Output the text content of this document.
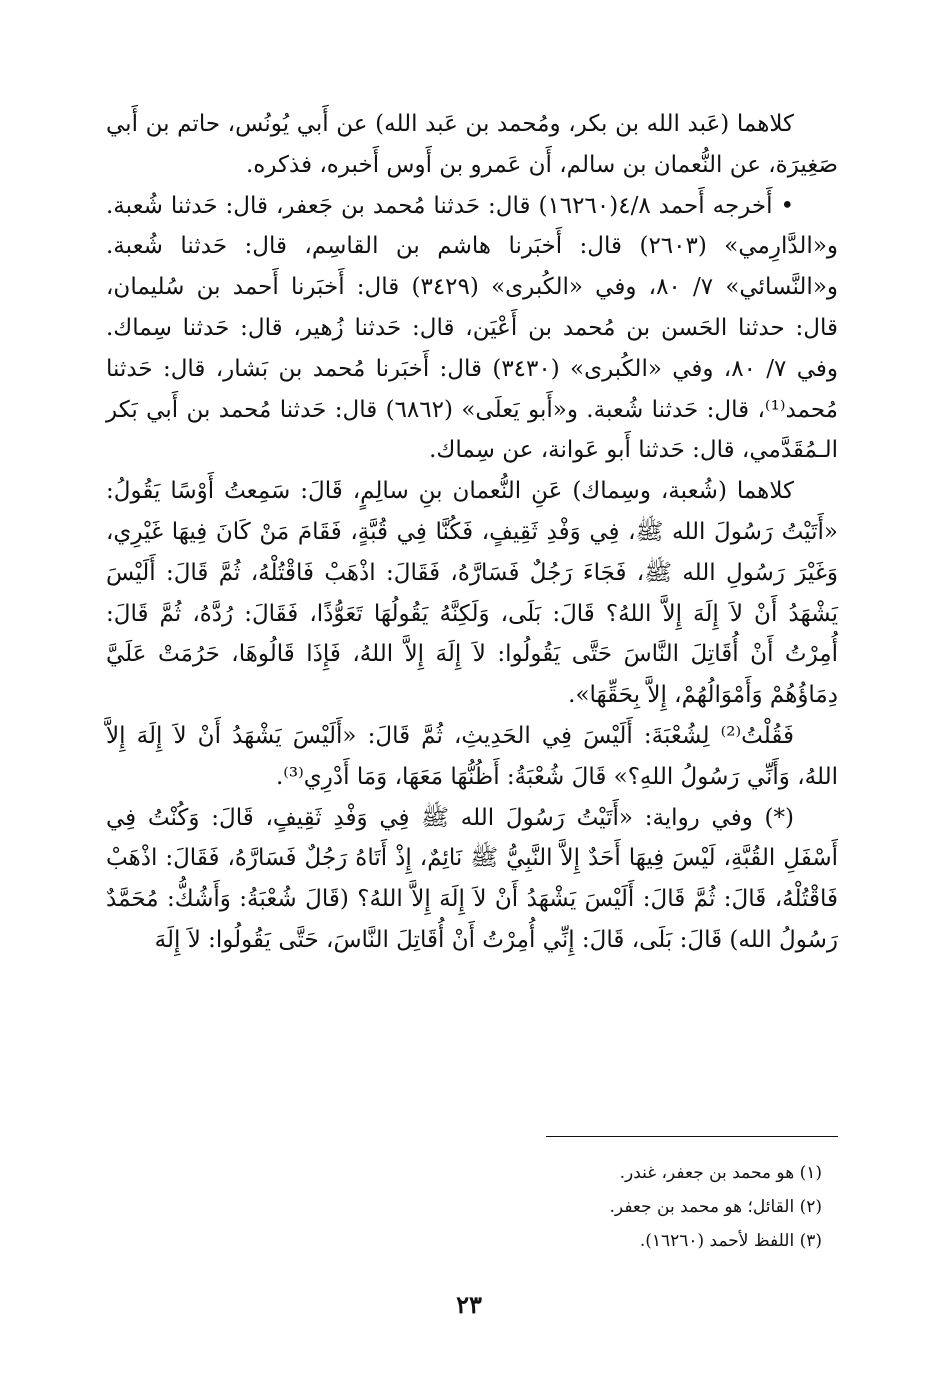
كلاهما (عَبد الله بن بكر، ومُحمد بن عَبد الله) عن أَبي يُونُس، حاتم بن أَبي صَغِيرَة، عن النُّعمان بن سالم، أَن عَمرو بن أَوس أَخبره، فذكره.

• أَخرجه أَحمد ٤/٨(١٦٢٦٠) قال: حَدثنا مُحمد بن جَعفر، قال: حَدثنا شُعبة. و«الدَّارِمي» (٢٦٠٣) قال: أَخبَرنا هاشم بن القاسِم، قال: حَدثنا شُعبة. و«النَّسائي» ٧/ ٨٠، وفي «الكُبرى» (٣٤٢٩) قال: أَخبَرنا أَحمد بن سُليمان، قال: حدثنا الحَسن بن مُحمد بن أَعْيَن، قال: حَدثنا زُهير، قال: حَدثنا سِماك. وفي ٧/ ٨٠، وفي «الكُبرى» (٣٤٣٠) قال: أَخبَرنا مُحمد بن بَشار، قال: حَدثنا مُحمد⁽¹⁾، قال: حَدثنا شُعبة. و«أَبو يَعلَى» (٦٨٦٢) قال: حَدثنا مُحمد بن أَبي بَكر الـمُقَدَّمي، قال: حَدثنا أَبو عَوانة، عن سِماك.

كلاهما (شُعبة، وسِماك) عَنِ النُّعمان بنِ سالِمٍ، قَالَ: سَمِعتُ أَوْسًا يَقُولُ: «أَتَيْتُ رَسُولَ الله ﷺ، فِي وَفْدِ ثَقِيفٍ، فَكُنَّا فِي قُبَّةٍ، فَقَامَ مَنْ كَانَ فِيهَا غَيْرِي، وَغَيْرَ رَسُولِ الله ﷺ، فَجَاءَ رَجُلٌ فَسَارَّهُ، فَقَالَ: اذْهَبْ فَاقْتُلْهُ، ثُمَّ قَالَ: أَلَيْسَ يَشْهَدُ أَنْ لاَ إِلَهَ إِلاَّ اللهُ؟ قَالَ: بَلَى، وَلَكِنَّهُ يَقُولُهَا تَعَوُّذًا، فَقَالَ: رُدَّهُ، ثُمَّ قَالَ: أُمِرْتُ أَنْ أُقَاتِلَ النَّاسَ حَتَّى يَقُولُوا: لاَ إِلَهَ إِلاَّ اللهُ، فَإِذَا قَالُوهَا، حَرُمَتْ عَلَيَّ دِمَاؤُهُمْ وَأَمْوَالُهُمْ، إِلاَّ بِحَقِّهَا».

فَقُلْتُ⁽²⁾ لِشُعْبَةَ: أَلَيْسَ فِي الحَدِيثِ، ثُمَّ قَالَ: «أَلَيْسَ يَشْهَدُ أَنْ لاَ إِلَهَ إِلاَّ اللهُ، وَأَنِّي رَسُولُ اللهِ؟» قَالَ شُعْبَةُ: أَظُنُّهَا مَعَهَا، وَمَا أَدْرِي⁽³⁾.

(*) وفي رواية: «أَتَيْتُ رَسُولَ الله ﷺ فِي وَفْدِ ثَقِيفٍ، قَالَ: وَكُنْتُ فِي أَسْفَلِ القُبَّةِ، لَيْسَ فِيهَا أَحَدٌ إِلاَّ النَّبِيُّ ﷺ نَائِمٌ، إِذْ أَتَاهُ رَجُلٌ فَسَارَّهُ، فَقَالَ: اذْهَبْ فَاقْتُلْهُ، قَالَ: ثُمَّ قَالَ: أَلَيْسَ يَشْهَدُ أَنْ لاَ إِلَهَ إِلاَّ اللهُ؟ (قَالَ شُعْبَةُ: وَأَشُكُّ: مُحَمَّدٌ رَسُولُ الله) قَالَ: بَلَى، قَالَ: إِنِّي أُمِرْتُ أَنْ أُقَاتِلَ النَّاسَ، حَتَّى يَقُولُوا: لاَ إِلَهَ

(١) هو محمد بن جعفر، غندر.

(٢) القائل؛ هو محمد بن جعفر.

(٣) اللفظ لأحمد (١٦٢٦٠).

٢٣
